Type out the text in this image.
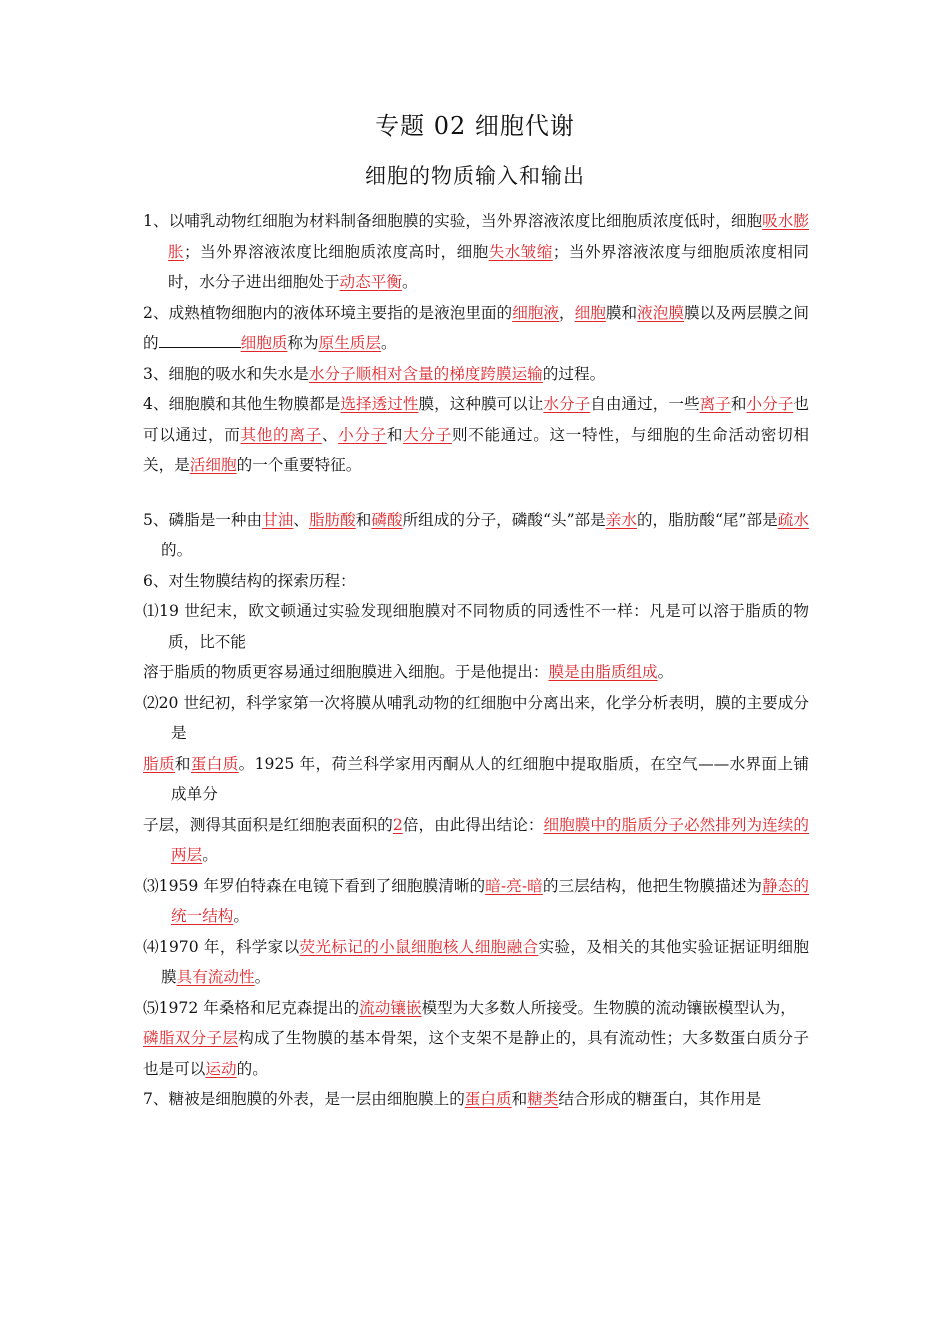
专题 02 细胞代谢
细胞的物质输入和输出

1、以哺乳动物红细胞为材料制备细胞膜的实验，当外界溶液浓度比细胞质浓度低时，细胞吸水膨胀；当外界溶液浓度比细胞质浓度高时，细胞失水皱缩；当外界溶液浓度与细胞质浓度相同时，水分子进出细胞处于动态平衡。

2、成熟植物细胞内的液体环境主要指的是液泡里面的细胞液，细胞膜和液泡膜膜以及两层膜之间的	细胞质称为原生质层。

3、细胞的吸水和失水是水分子顺相对含量的梯度跨膜运输的过程。

4、细胞膜和其他生物膜都是选择透过性膜，这种膜可以让水分子自由通过，一些离子和小分子也可以通过，而其他的离子、小分子和大分子则不能通过。这一特性，与细胞的生命活动密切相关，是活细胞的一个重要特征。

5、磷脂是一种由甘油、脂肪酸和磷酸所组成的分子，磷酸“头”部是亲水的，脂肪酸“尾”部是疏水的。

6、对生物膜结构的探索历程：

⑴19 世纪末，欧文顿通过实验发现细胞膜对不同物质的同透性不一样：凡是可以溶于脂质的物质，比不能

溶于脂质的物质更容易通过细胞膜进入细胞。于是他提出：膜是由脂质组成。

⑵20 世纪初，科学家第一次将膜从哺乳动物的红细胞中分离出来，化学分析表明，膜的主要成分是

脂质和蛋白质。1925 年，荷兰科学家用丙酮从人的红细胞中提取脂质，在空气——水界面上铺成单分

子层，测得其面积是红细胞表面积的2倍，由此得出结论：细胞膜中的脂质分子必然排列为连续的两层。

⑶1959 年罗伯特森在电镜下看到了细胞膜清晰的暗-亮-暗的三层结构，他把生物膜描述为静态的统一结构。

⑷1970 年，科学家以荧光标记的小鼠细胞核人细胞融合实验，及相关的其他实验证据证明细胞膜具有流动性。

⑸1972 年桑格和尼克森提出的流动镶嵌模型为大多数人所接受。生物膜的流动镶嵌模型认为，

磷脂双分子层构成了生物膜的基本骨架，这个支架不是静止的，具有流动性；大多数蛋白质分子也是可以运动的。

7、糖被是细胞膜的外表，是一层由细胞膜上的蛋白质和糖类结合形成的糖蛋白，其作用是
